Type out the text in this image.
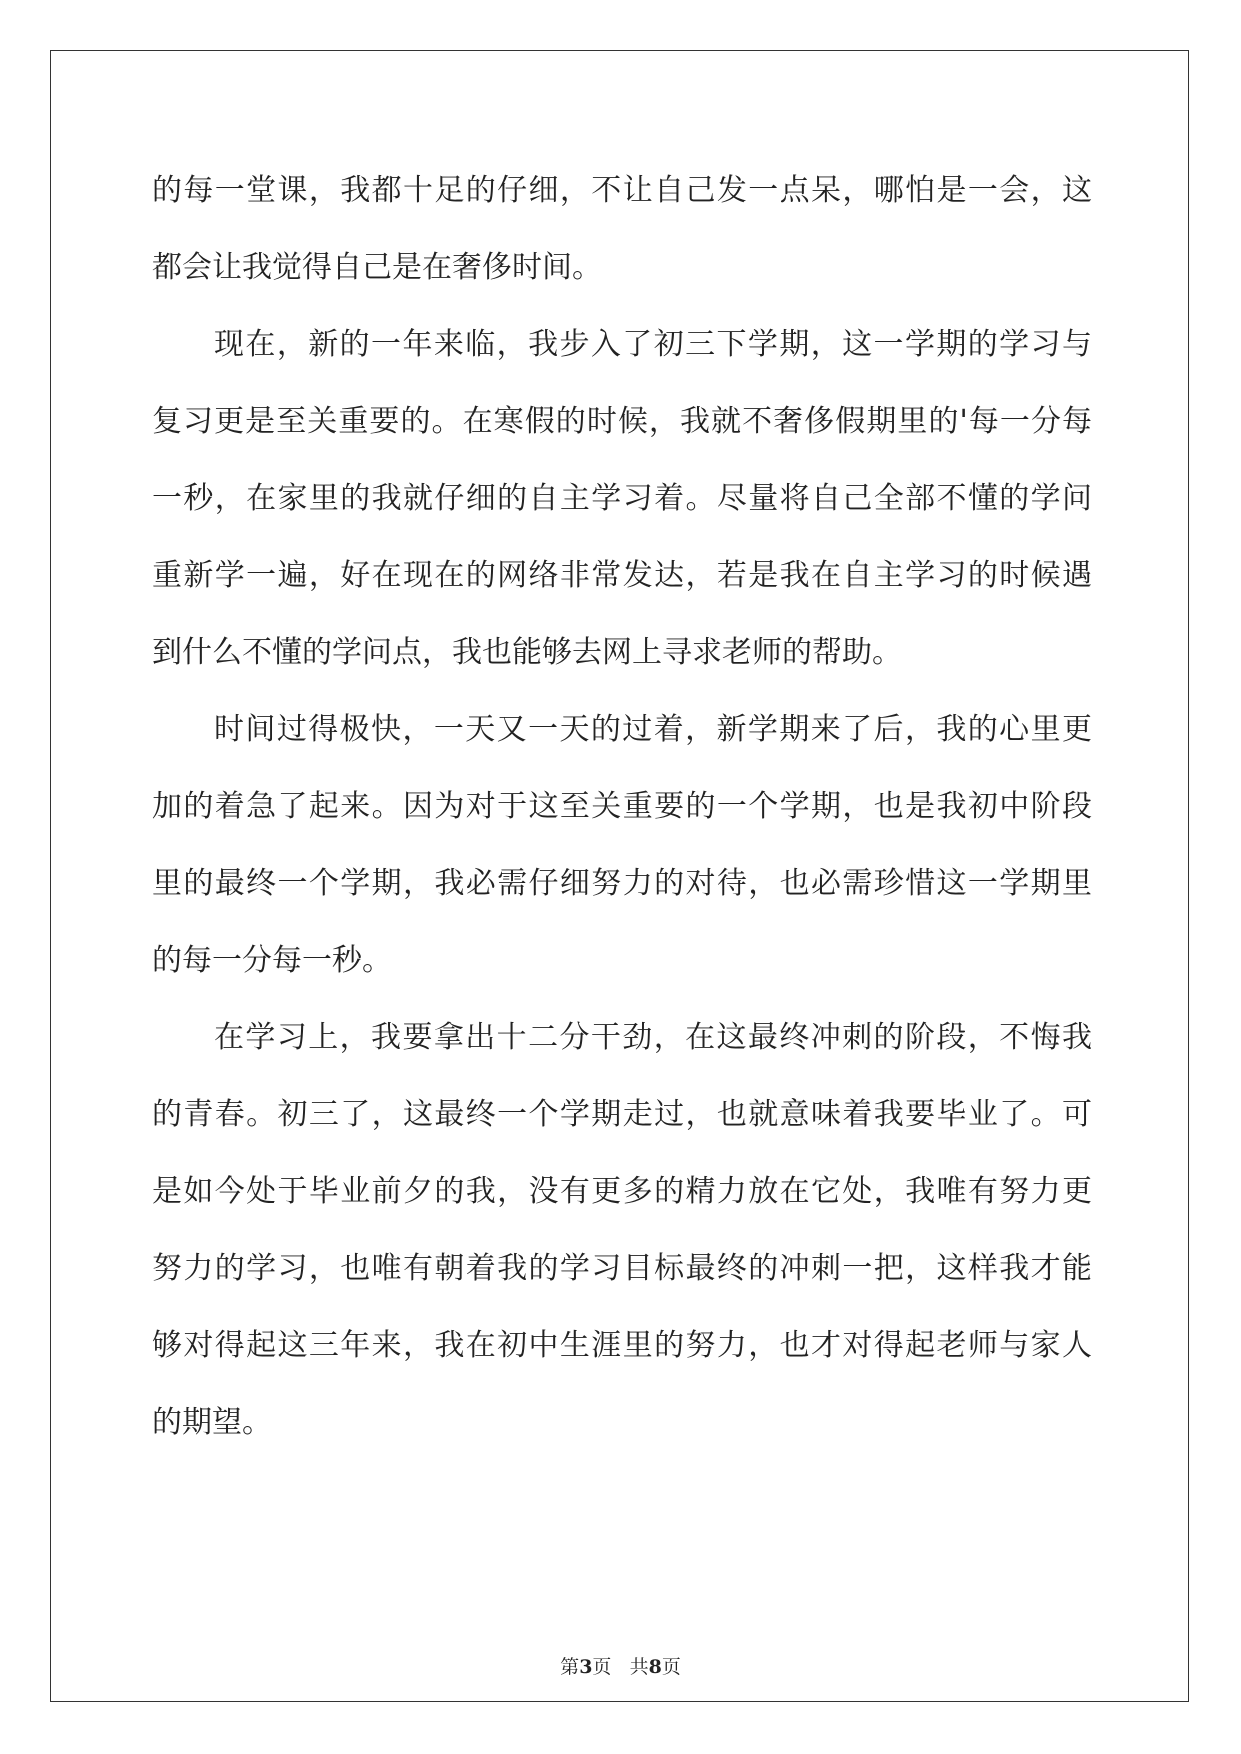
的每一堂课，我都十足的仔细，不让自己发一点呆，哪怕是一会，这
都会让我觉得自己是在奢侈时间。
现在，新的一年来临，我步入了初三下学期，这一学期的学习与
复习更是至关重要的。在寒假的时候，我就不奢侈假期里的'每一分每
一秒，在家里的我就仔细的自主学习着。尽量将自己全部不懂的学问
重新学一遍，好在现在的网络非常发达，若是我在自主学习的时候遇
到什么不懂的学问点，我也能够去网上寻求老师的帮助。
时间过得极快，一天又一天的过着，新学期来了后，我的心里更
加的着急了起来。因为对于这至关重要的一个学期，也是我初中阶段
里的最终一个学期，我必需仔细努力的对待，也必需珍惜这一学期里
的每一分每一秒。
在学习上，我要拿出十二分干劲，在这最终冲刺的阶段，不悔我
的青春。初三了，这最终一个学期走过，也就意味着我要毕业了。可
是如今处于毕业前夕的我，没有更多的精力放在它处，我唯有努力更
努力的学习，也唯有朝着我的学习目标最终的冲刺一把，这样我才能
够对得起这三年来，我在初中生涯里的努力，也才对得起老师与家人
的期望。
第3页 共8页
